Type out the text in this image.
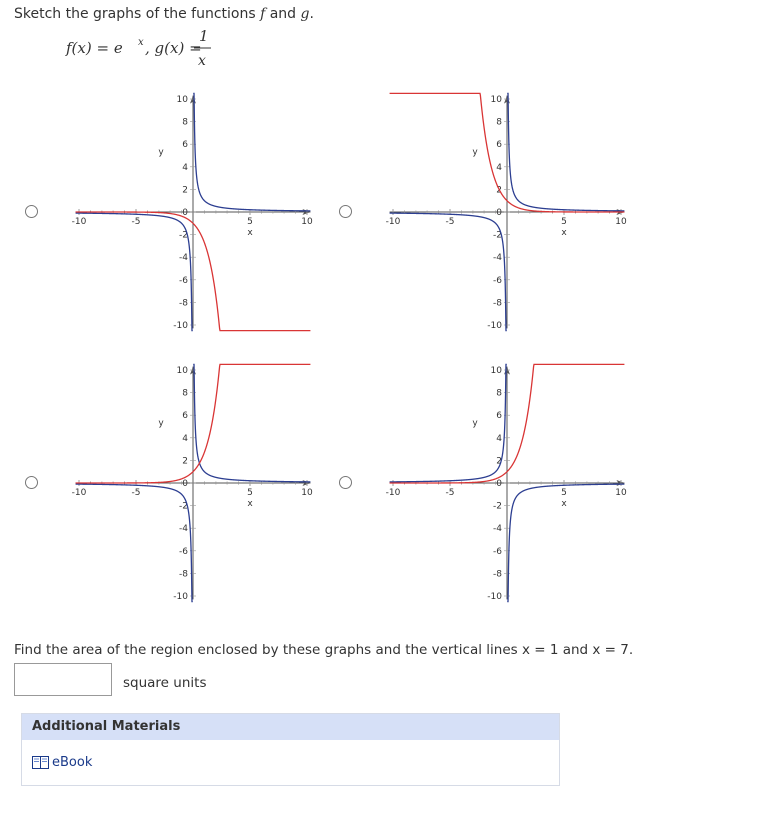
Sketch the graphs of the functions f and g.
f(x) = e x , g(x) =
1
x
-10	-5	5	10
10
8
6
4
2
0
-2
-4
-6
-8
-10
x
y
-10	-5	5	10
10
8
6
4
2
0
-2
-4
-6
-8
-10
x
y
-10	-5	5	10
10
8
6
4
2
0
-2
-4
-6
-8
-10
x
y
-10	-5	5	10
10
8
6
4
2
0
-2
-4
-6
-8
-10
x
y
Find the area of the region enclosed by these graphs and the vertical lines x = 1 and x = 7.
square units
Additional Materials
eBook
